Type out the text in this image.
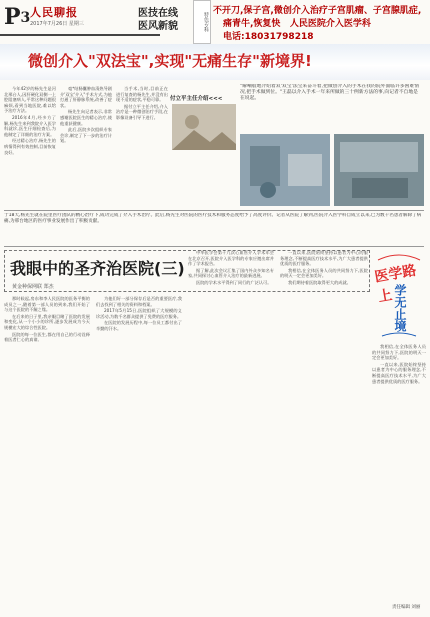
P3 人民聊报
2017年7月26日 星期三
医技在线
医风新貌	特色专科
不开刀,保子宫,微创介入治疗子宫肌瘤、子宫腺肌症,
痛青牛,恢复快 人民医院介入医学科
电话:18031798218
微创介入"双法宝",实现"无痛生存"新境界!

今年42岁的杨先生是河北邢台人,因肝硬化双侧一上腔阻塞病人,平常这种问题很麻烦,看到当地医院,难以给予治疗方法。

2016年4月,经多方了解,杨先生来到我院介入医学科就诊,医生仔细检查后,为他制定了详细的治疗方案。

经过精心治疗,杨先生的病情得到有效控制,目前恢复良好。

毫*结肠囊肿血清热导剧介'双宝'介入"手术方式,为他打通了肝静脉系统,改善了症状。

杨先生向记者表示,非常感谢医院医生的精心治疗,使他重获健康。

此后,医院多次组织专家会诊,制定了下一步的治疗计划。

当手术,当时,目前正在进行复查的杨先生,并没有出现不适的症状,平稳可靠。

据付立平主任介绍,介入治疗是一种微创治疗手段,在影像设备引导下进行。

付立平主任介绍<<<
"解嘲般地介绍着双'双宝'法宝来奋斗着,把微创介入的手术在我的院外面临许多困难情况,把手术做到位。"王磊以介入手术一年来所做的三十例新方法的事,向记者不自地是在说起。
于18天,杨先生就在院里医疗团队的精心治疗下,成功完成了介入手术治疗。此后,杨先生对医院的医疗技术和服务态度给予了高度评价。记者从医院了解到,医院介入医学科自成立以来,已为数千名患者解除了病痛,为邢台地区的医疗事业发展作出了积极贡献。
我眼中的圣齐治医院(三)
黄金种保网联 郑杰

那时候起,房东和李人民医院的医务平衡的成员之一,随着第一部人员的到来,我们开始了与这个医院的不解之缘。

在后来的日子里,我亲眼目睹了医院的发展和变化,从一个小小的诊所,逐步发展成为今天规模宏大的综合性医院。

医院的每一位医生,都在用自己的行动诠释着医者仁心的真谛。

为他们好一部分保存后是否的重要医疗,我们去找到了相关的资料和档案。

2017年5月15日,医院组织了大规模的义诊活动,为数千名群众提供了免费的医疗服务。

在医院的发展历程中,每一位员工都付出了辛勤的汗水。

中华医学会第十九次心血管介入学术年会在北京召开,医院介入医学科的专家应邀出席并作了学术报告。

据了解,此次会议汇集了国内外众多知名专家,共同探讨心血管介入治疗的最新进展。

医院的学术水平得到了同行的广泛认可。

一直以来,医院始终坚持以患者为中心的服务理念,不断提高医疗技术水平,为广大患者提供优质的医疗服务。

我相信,在全体医务人员的共同努力下,医院的明天一定会更加美好。

我们期待着医院取得更大的成就。	医学路上 学无止境

我相信,在全体医务人员的共同努力下,医院的明天一定会更加美好。

一直以来,医院始终坚持以患者为中心的服务理念,不断提高医疗技术水平,为广大患者提供优质的医疗服务。

责任编辑 刘丽
